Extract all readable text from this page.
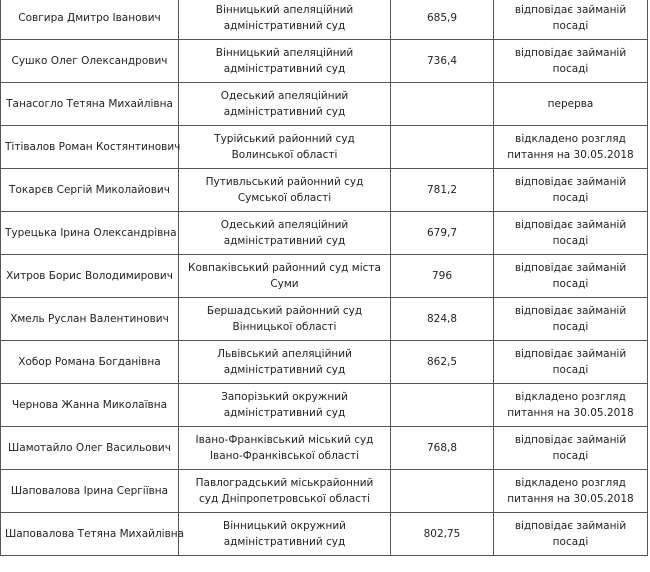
Совгира Дмитро Іванович	Вінницький апеляційний адміністративний суд	685,9	відповідає займаній посаді
Сушко Олег Олександрович	Вінницький апеляційний адміністративний суд	736,4	відповідає займаній посаді
Танасогло Тетяна Михайлівна	Одеський апеляційний адміністративний суд		перерва
Тітівалов Роман Костянтинович	Турійський районний суд Волинської області		відкладено розгляд питання на 30.05.2018
Токарєв Сергій Миколайович	Путивльський районний суд Сумської області	781,2	відповідає займаній посаді
Турецька Ірина Олександрівна	Одеський апеляційний адміністративний суд	679,7	відповідає займаній посаді
Хитров Борис Володимирович	Ковпаківський районний суд міста Суми	796	відповідає займаній посаді
Хмель Руслан Валентинович	Бершадський районний суд Вінницької області	824,8	відповідає займаній посаді
Хобор Романа Богданівна	Львівський апеляційний адміністративний суд	862,5	відповідає займаній посаді
Чернова Жанна Миколаївна	Запорізький окружний адміністративний суд		відкладено розгляд питання на 30.05.2018
Шамотайло Олег Васильович	Івано-Франківський міський суд Івано-Франківської області	768,8	відповідає займаній посаді
Шаповалова Ірина Сергіївна	Павлоградський міськрайонний суд Дніпропетровської області		відкладено розгляд питання на 30.05.2018
Шаповалова Тетяна Михайлівна	Вінницький окружний адміністративний суд	802,75	відповідає займаній посаді
